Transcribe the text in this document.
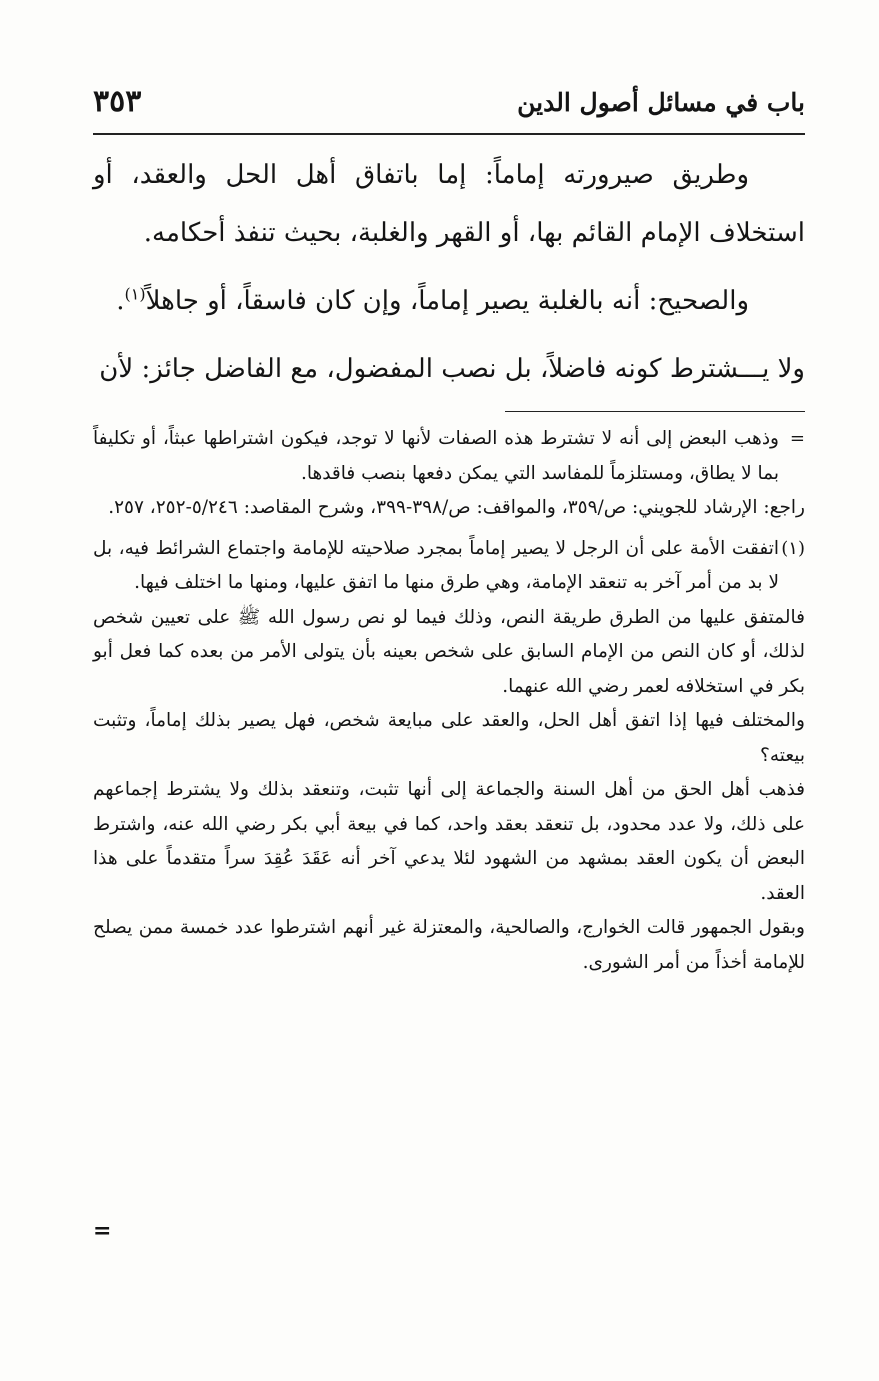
باب في مسائل أصول الدين
٣٥٣

وطريق صيرورته إماماً: إما باتفاق أهل الحل والعقد، أو استخلاف الإمام القائم بها، أو القهر والغلبة، بحيث تنفذ أحكامه.

والصحيح: أنه بالغلبة يصير إماماً، وإن كان فاسقاً، أو جاهلاً$^{(١)}$.

ولا يـــشترط كونه فاضلاً، بل نصب المفضول، مع الفاضل جائز: لأن

=
وذهب البعض إلى أنه لا تشترط هذه الصفات لأنها لا توجد، فيكون اشتراطها عبثاً، أو تكليفاً بما لا يطاق، ومستلزماً للمفاسد التي يمكن دفعها بنصب فاقدها.

راجع: الإرشاد للجويني: ص/٣٥٩، والمواقف: ص/٣٩٨-٣٩٩، وشرح المقاصد: ٥/٢٤٦-٢٥٢، ٢٥٧.

(١)
اتفقت الأمة على أن الرجل لا يصير إماماً بمجرد صلاحيته للإمامة واجتماع الشرائط فيه، بل لا بد من أمر آخر به تنعقد الإمامة، وهي طرق منها ما اتفق عليها، ومنها ما اختلف فيها.

فالمتفق عليها من الطرق طريقة النص، وذلك فيما لو نص رسول الله ﷺ على تعيين شخص لذلك، أو كان النص من الإمام السابق على شخص بعينه بأن يتولى الأمر من بعده كما فعل أبو بكر في استخلافه لعمر رضي الله عنهما.

والمختلف فيها إذا اتفق أهل الحل، والعقد على مبايعة شخص، فهل يصير بذلك إماماً، وتثبت بيعته؟

فذهب أهل الحق من أهل السنة والجماعة إلى أنها تثبت، وتنعقد بذلك ولا يشترط إجماعهم على ذلك، ولا عدد محدود، بل تنعقد بعقد واحد، كما في بيعة أبي بكر رضي الله عنه، واشترط البعض أن يكون العقد بمشهد من الشهود لئلا يدعي آخر أنه عَقَدَ عُقِدَ سراً متقدماً على هذا العقد.

وبقول الجمهور قالت الخوارج، والصالحية، والمعتزلة غير أنهم اشترطوا عدد خمسة ممن يصلح للإمامة أخذاً من أمر الشورى.

=
